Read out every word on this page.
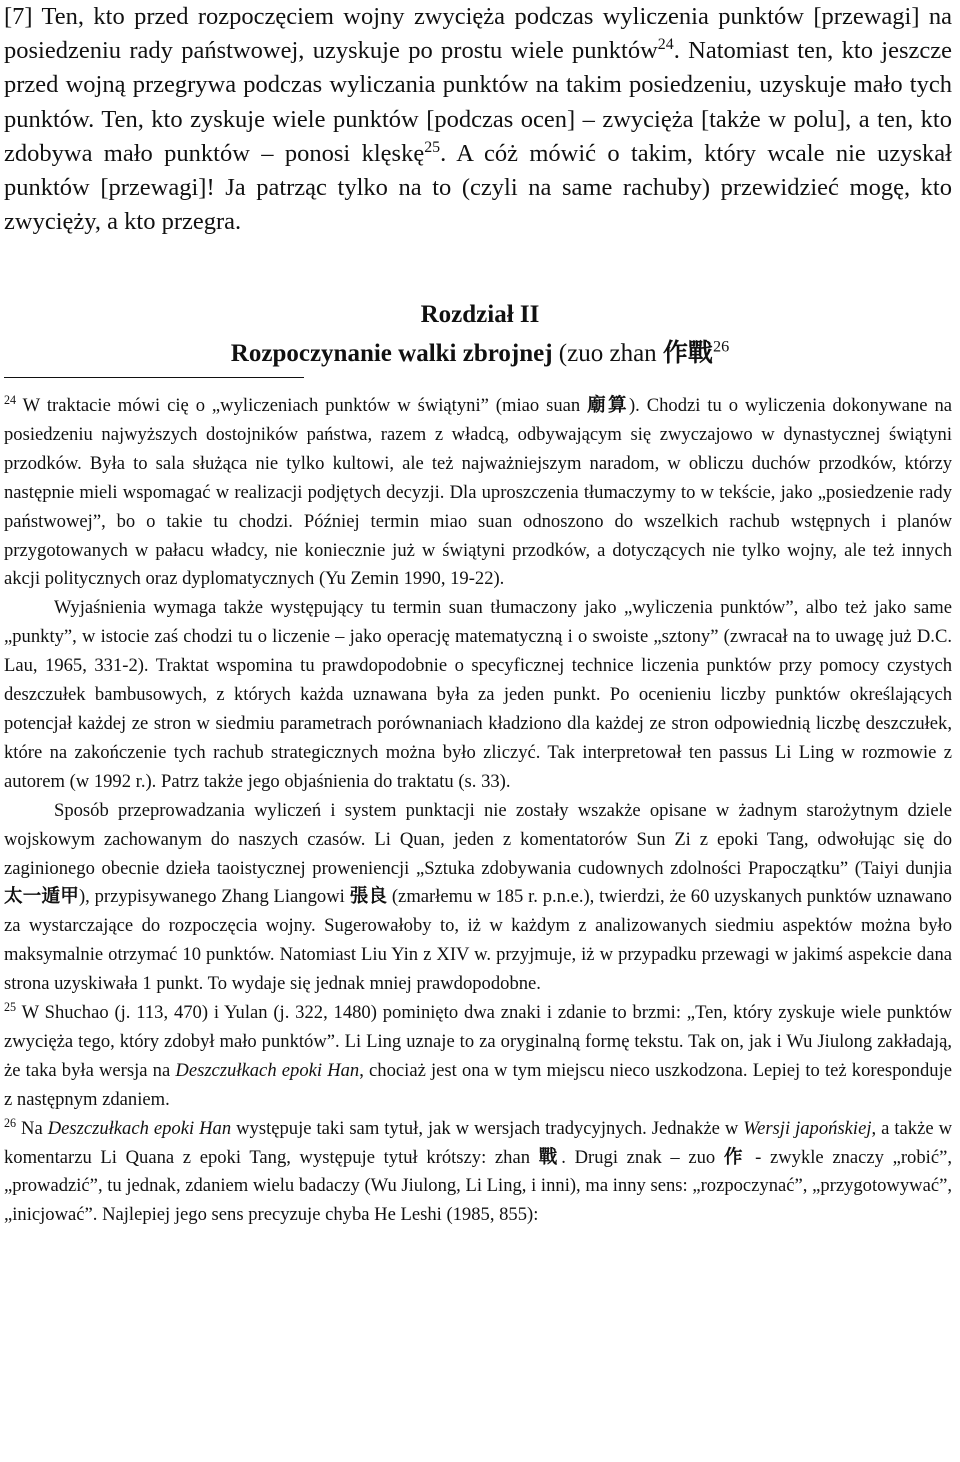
[7] Ten, kto przed rozpoczęciem wojny zwycięża podczas wyliczenia punktów [przewagi] na posiedzeniu rady państwowej, uzyskuje po prostu wiele punktów$^{24}$. Natomiast ten, kto jeszcze przed wojną przegrywa podczas wyliczania punktów na takim posiedzeniu, uzyskuje mało tych punktów. Ten, kto zyskuje wiele punktów [podczas ocen] – zwycięża [także w polu], a ten, kto zdobywa mało punktów – ponosi klęskę$^{25}$. A cóż mówić o takim, który wcale nie uzyskał punktów [przewagi]! Ja patrząc tylko na to (czyli na same rachuby) przewidzieć mogę, kto zwycięży, a kto przegra.

Rozdział II
Rozpoczynanie walki zbrojnej (zuo zhan 作戰$^{26}$

$^{24}$ W traktacie mówi cię o „wyliczeniach punktów w świątyni” (miao suan 廟算). Chodzi tu o wyliczenia dokonywane na posiedzeniu najwyższych dostojników państwa, razem z władcą, odbywającym się zwyczajowo w dynastycznej świątyni przodków. Była to sala służąca nie tylko kultowi, ale też najważniejszym naradom, w obliczu duchów przodków, którzy następnie mieli wspomagać w realizacji podjętych decyzji. Dla uproszczenia tłumaczymy to w tekście, jako „posiedzenie rady państwowej”, bo o takie tu chodzi. Później termin miao suan odnoszono do wszelkich rachub wstępnych i planów przygotowanych w pałacu władcy, nie koniecznie już w świątyni przodków, a dotyczących nie tylko wojny, ale też innych akcji politycznych oraz dyplomatycznych (Yu Zemin 1990, 19-22).

Wyjaśnienia wymaga także występujący tu termin suan tłumaczony jako „wyliczenia punktów”, albo też jako same „punkty”, w istocie zaś chodzi tu o liczenie – jako operację matematyczną i o swoiste „sztony” (zwracał na to uwagę już D.C. Lau, 1965, 331-2). Traktat wspomina tu prawdopodobnie o specyficznej technice liczenia punktów przy pomocy czystych deszczułek bambusowych, z których każda uznawana była za jeden punkt. Po ocenieniu liczby punktów określających potencjał każdej ze stron w siedmiu parametrach porównaniach kładziono dla każdej ze stron odpowiednią liczbę deszczułek, które na zakończenie tych rachub strategicznych można było zliczyć. Tak interpretował ten passus Li Ling w rozmowie z autorem (w 1992 r.). Patrz także jego objaśnienia do traktatu (s. 33).

Sposób przeprowadzania wyliczeń i system punktacji nie zostały wszakże opisane w żadnym starożytnym dziele wojskowym zachowanym do naszych czasów. Li Quan, jeden z komentatorów Sun Zi z epoki Tang, odwołując się do zaginionego obecnie dzieła taoistycznej proweniencji „Sztuka zdobywania cudownych zdolności Prapoczątku” (Taiyi dunjia 太一遁甲), przypisywanego Zhang Liangowi 張良 (zmarłemu w 185 r. p.n.e.), twierdzi, że 60 uzyskanych punktów uznawano za wystarczające do rozpoczęcia wojny. Sugerowałoby to, iż w każdym z analizowanych siedmiu aspektów można było maksymalnie otrzymać 10 punktów. Natomiast Liu Yin z XIV w. przyjmuje, iż w przypadku przewagi w jakimś aspekcie dana strona uzyskiwała 1 punkt. To wydaje się jednak mniej prawdopodobne.

$^{25}$ W Shuchao (j. 113, 470) i Yulan (j. 322, 1480) pominięto dwa znaki i zdanie to brzmi: „Ten, który zyskuje wiele punktów zwycięża tego, który zdobył mało punktów”. Li Ling uznaje to za oryginalną formę tekstu. Tak on, jak i Wu Jiulong zakładają, że taka była wersja na Deszczułkach epoki Han, chociaż jest ona w tym miejscu nieco uszkodzona. Lepiej to też koresponduje z następnym zdaniem.

$^{26}$ Na Deszczułkach epoki Han występuje taki sam tytuł, jak w wersjach tradycyjnych. Jednakże w Wersji japońskiej, a także w komentarzu Li Quana z epoki Tang, występuje tytuł krótszy: zhan 戰. Drugi znak – zuo 作 - zwykle znaczy „robić”, „prowadzić”, tu jednak, zdaniem wielu badaczy (Wu Jiulong, Li Ling, i inni), ma inny sens: „rozpoczynać”, „przygotowywać”, „inicjować”. Najlepiej jego sens precyzuje chyba He Leshi (1985, 855):
